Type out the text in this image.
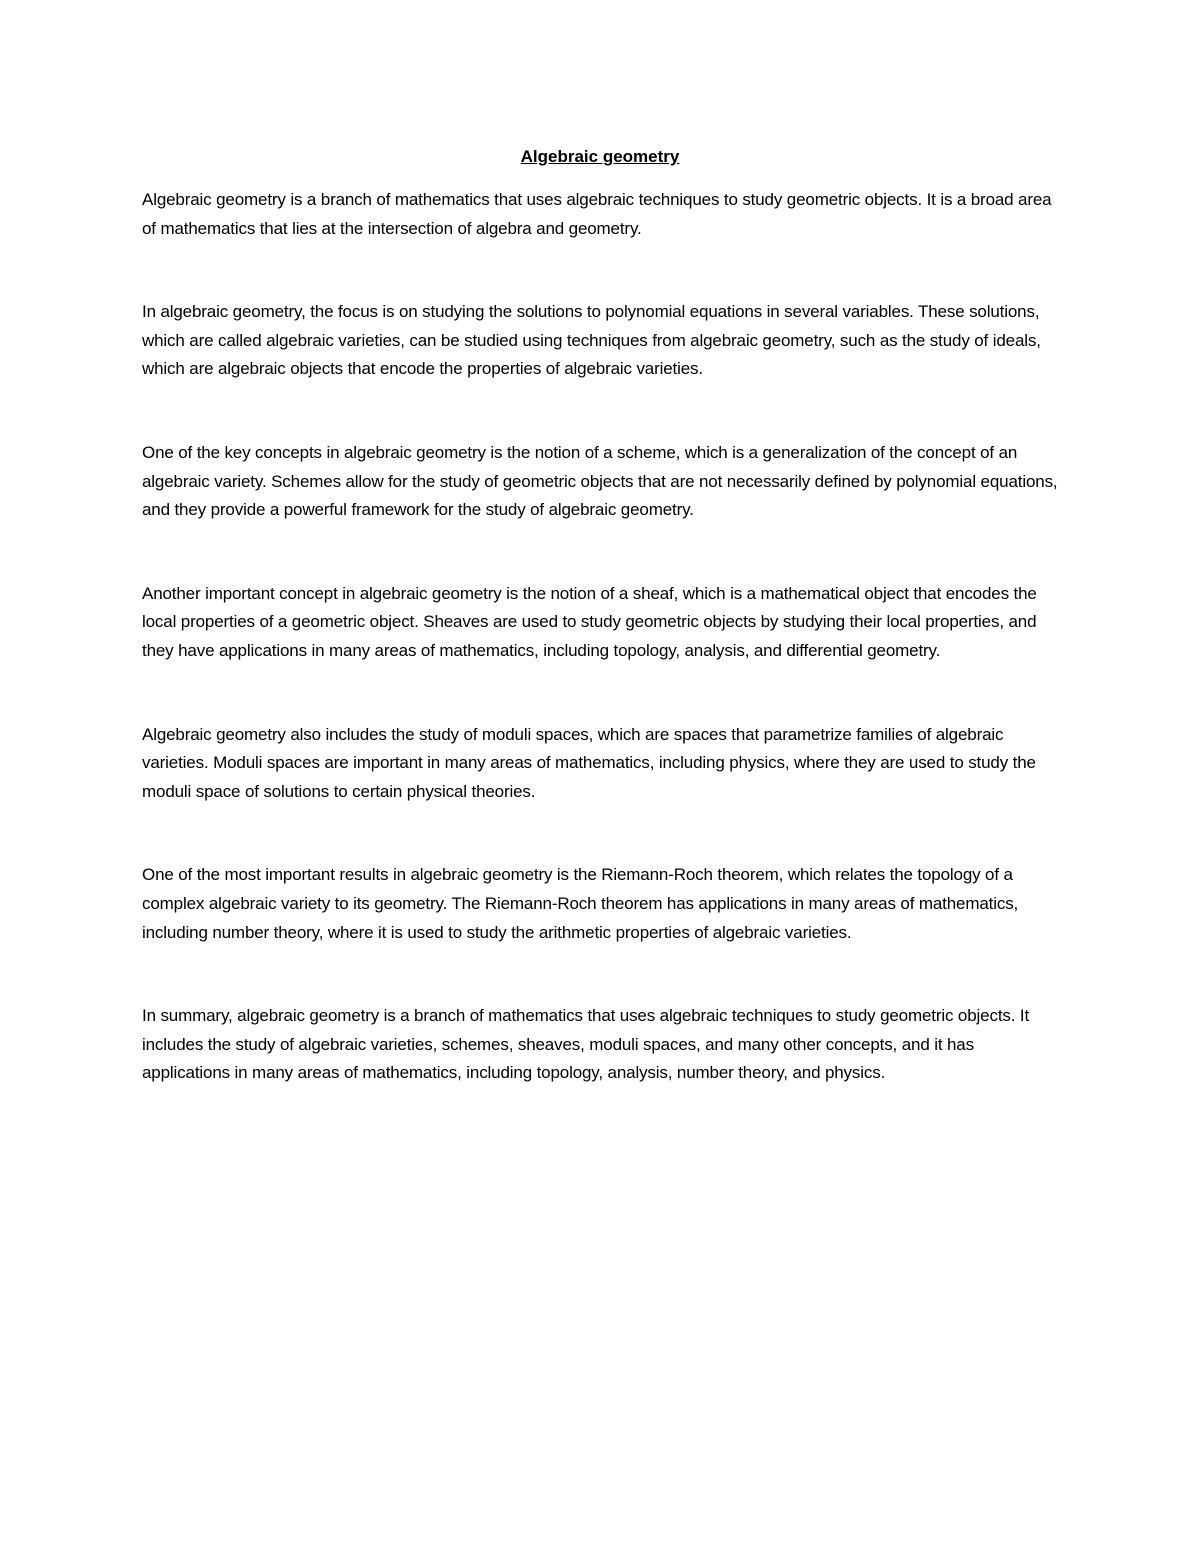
Algebraic geometry

Algebraic geometry is a branch of mathematics that uses algebraic techniques to study geometric objects. It is a broad area of mathematics that lies at the intersection of algebra and geometry.

In algebraic geometry, the focus is on studying the solutions to polynomial equations in several variables. These solutions, which are called algebraic varieties, can be studied using techniques from algebraic geometry, such as the study of ideals, which are algebraic objects that encode the properties of algebraic varieties.

One of the key concepts in algebraic geometry is the notion of a scheme, which is a generalization of the concept of an algebraic variety. Schemes allow for the study of geometric objects that are not necessarily defined by polynomial equations, and they provide a powerful framework for the study of algebraic geometry.

Another important concept in algebraic geometry is the notion of a sheaf, which is a mathematical object that encodes the local properties of a geometric object. Sheaves are used to study geometric objects by studying their local properties, and they have applications in many areas of mathematics, including topology, analysis, and differential geometry.

Algebraic geometry also includes the study of moduli spaces, which are spaces that parametrize families of algebraic varieties. Moduli spaces are important in many areas of mathematics, including physics, where they are used to study the moduli space of solutions to certain physical theories.

One of the most important results in algebraic geometry is the Riemann-Roch theorem, which relates the topology of a complex algebraic variety to its geometry. The Riemann-Roch theorem has applications in many areas of mathematics, including number theory, where it is used to study the arithmetic properties of algebraic varieties.

In summary, algebraic geometry is a branch of mathematics that uses algebraic techniques to study geometric objects. It includes the study of algebraic varieties, schemes, sheaves, moduli spaces, and many other concepts, and it has applications in many areas of mathematics, including topology, analysis, number theory, and physics.
